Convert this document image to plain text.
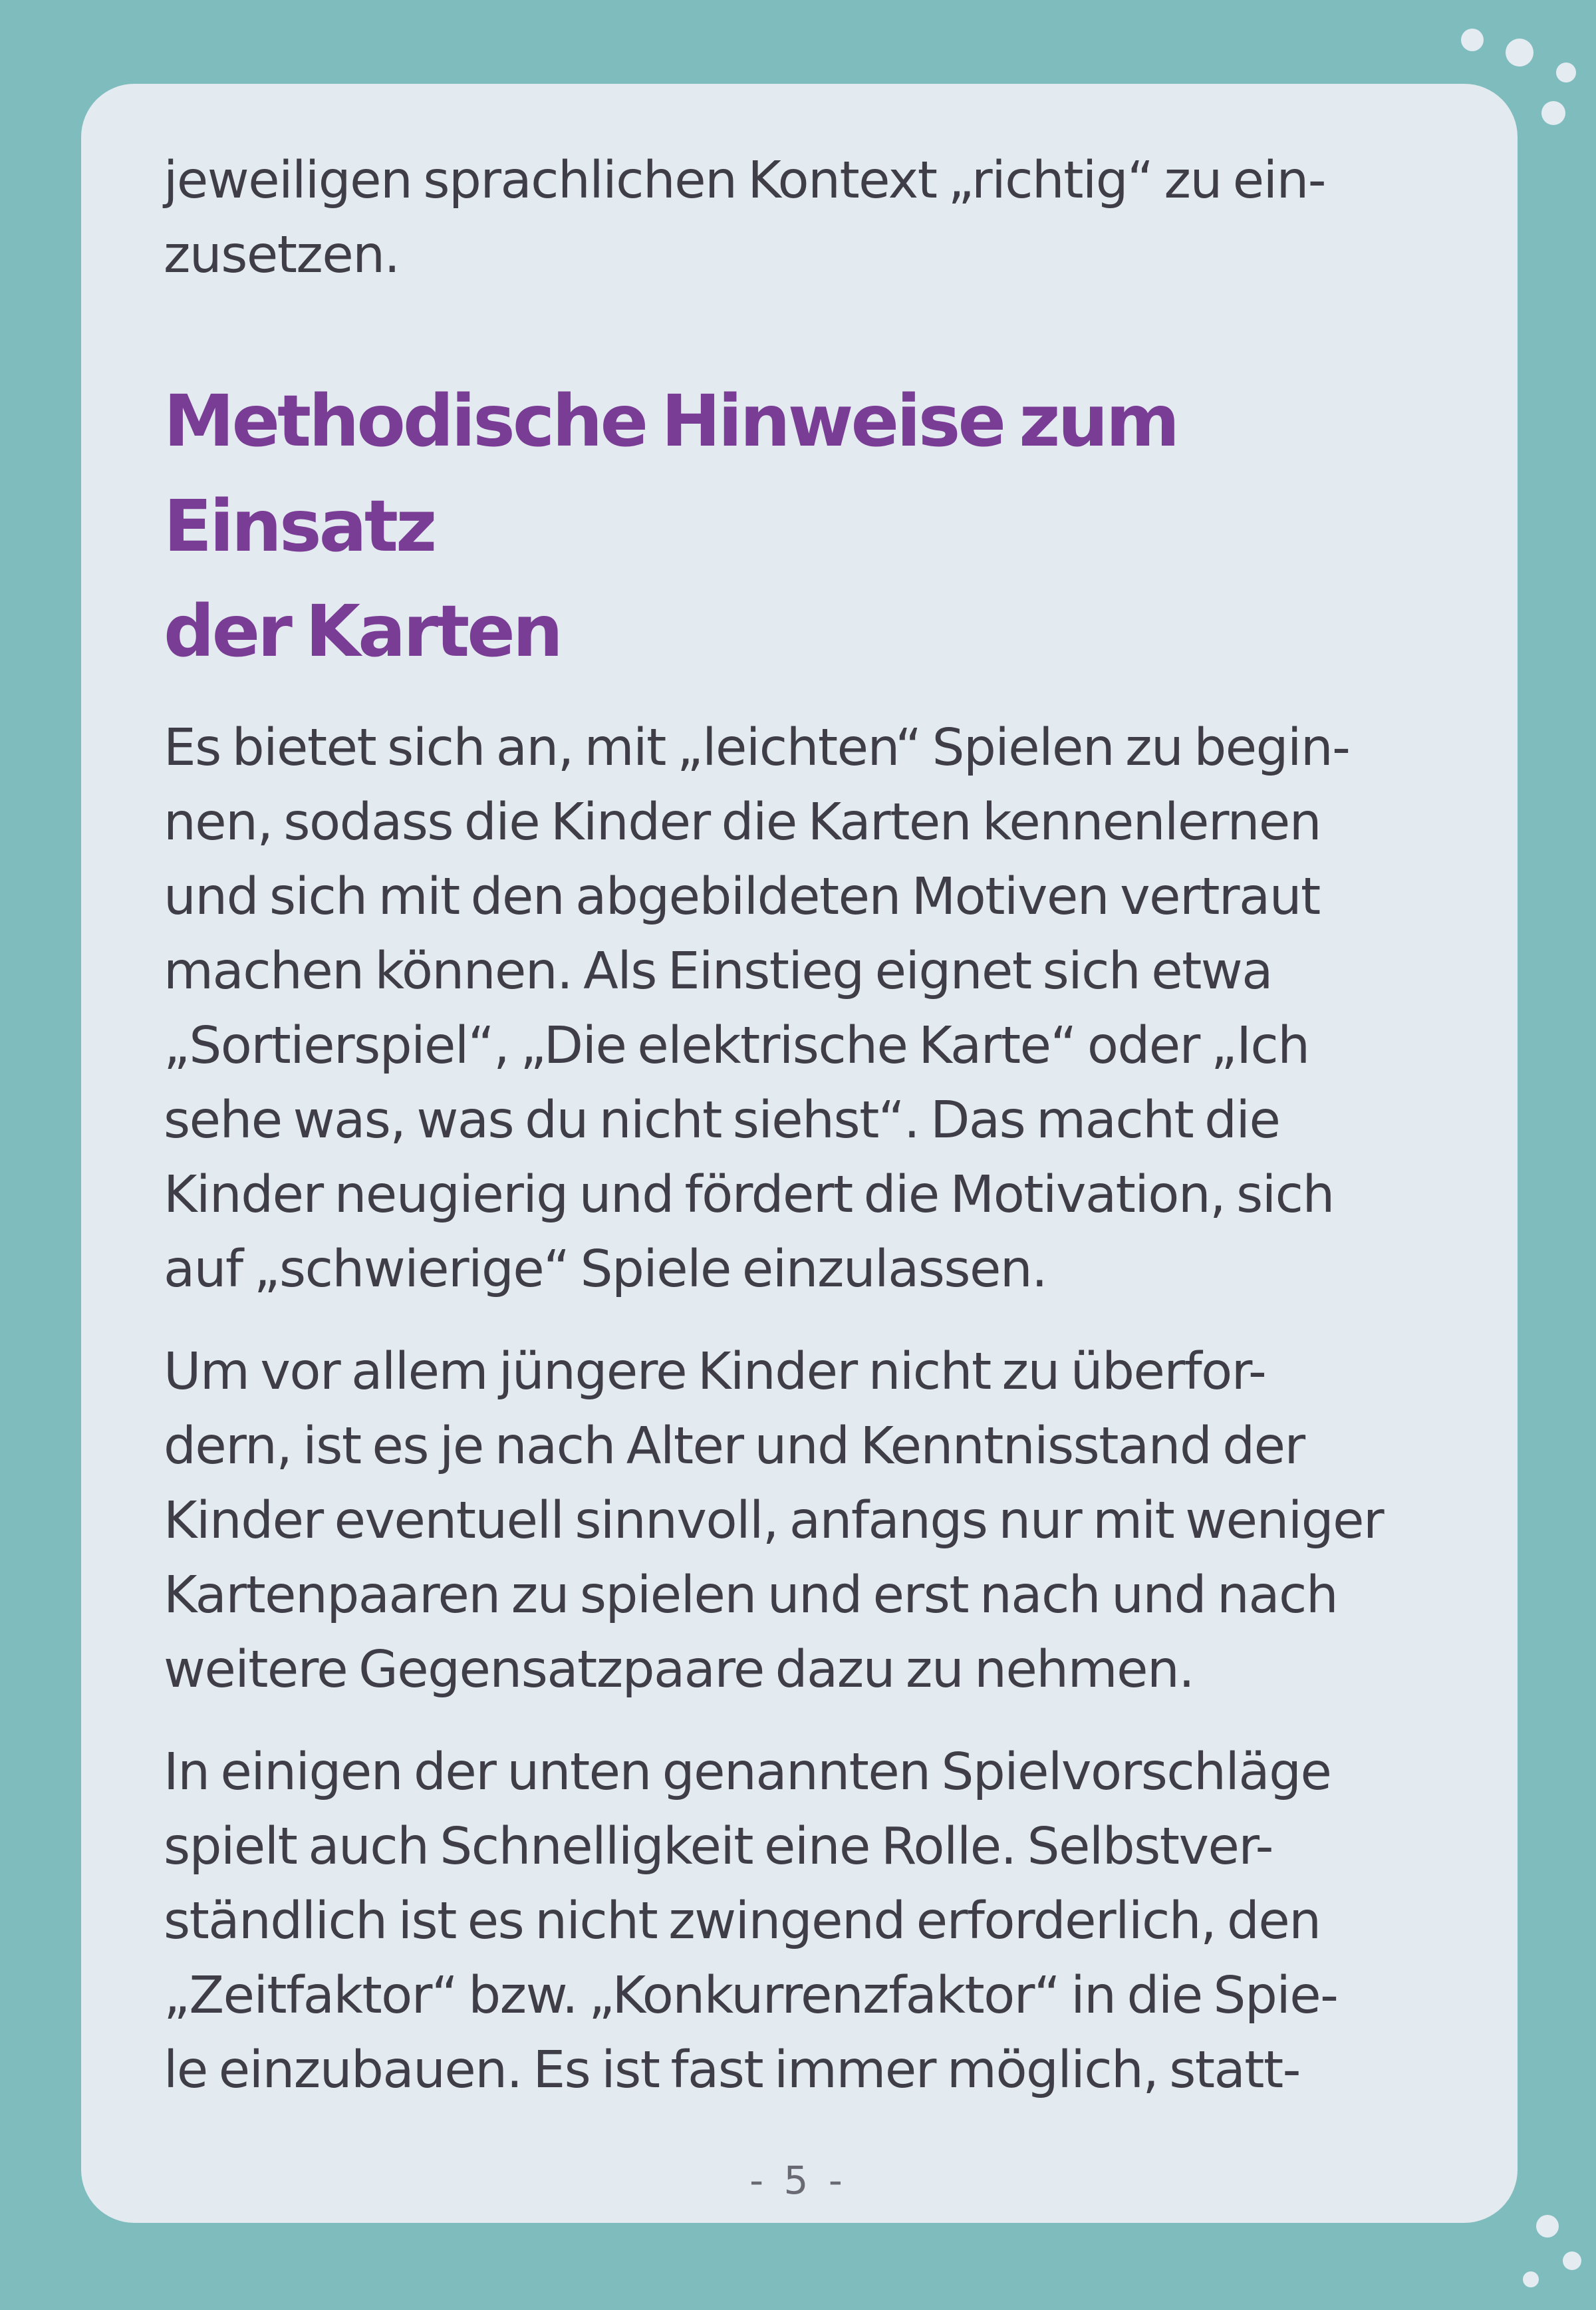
jeweiligen sprachlichen Kontext „richtig“ zu ein-
zusetzen.

Methodische Hinweise zum Einsatz
der Karten

Es bietet sich an, mit „leichten“ Spielen zu begin-
nen, sodass die Kinder die Karten kennenlernen
und sich mit den abgebildeten Motiven vertraut
machen können. Als Einstieg eignet sich etwa
„Sortierspiel“, „Die elektrische Karte“ oder „Ich
sehe was, was du nicht siehst“. Das macht die
Kinder neugierig und fördert die Motivation, sich
auf „schwierige“ Spiele einzulassen.

Um vor allem jüngere Kinder nicht zu überfor-
dern, ist es je nach Alter und Kenntnisstand der
Kinder eventuell sinnvoll, anfangs nur mit weniger
Kartenpaaren zu spielen und erst nach und nach
weitere Gegensatzpaare dazu zu nehmen.

In einigen der unten genannten Spielvorschläge
spielt auch Schnelligkeit eine Rolle. Selbstver-
ständlich ist es nicht zwingend erforderlich, den
„Zeitfaktor“ bzw. „Konkurrenzfaktor“ in die Spie-
le einzubauen. Es ist fast immer möglich, statt-

- 5 -
